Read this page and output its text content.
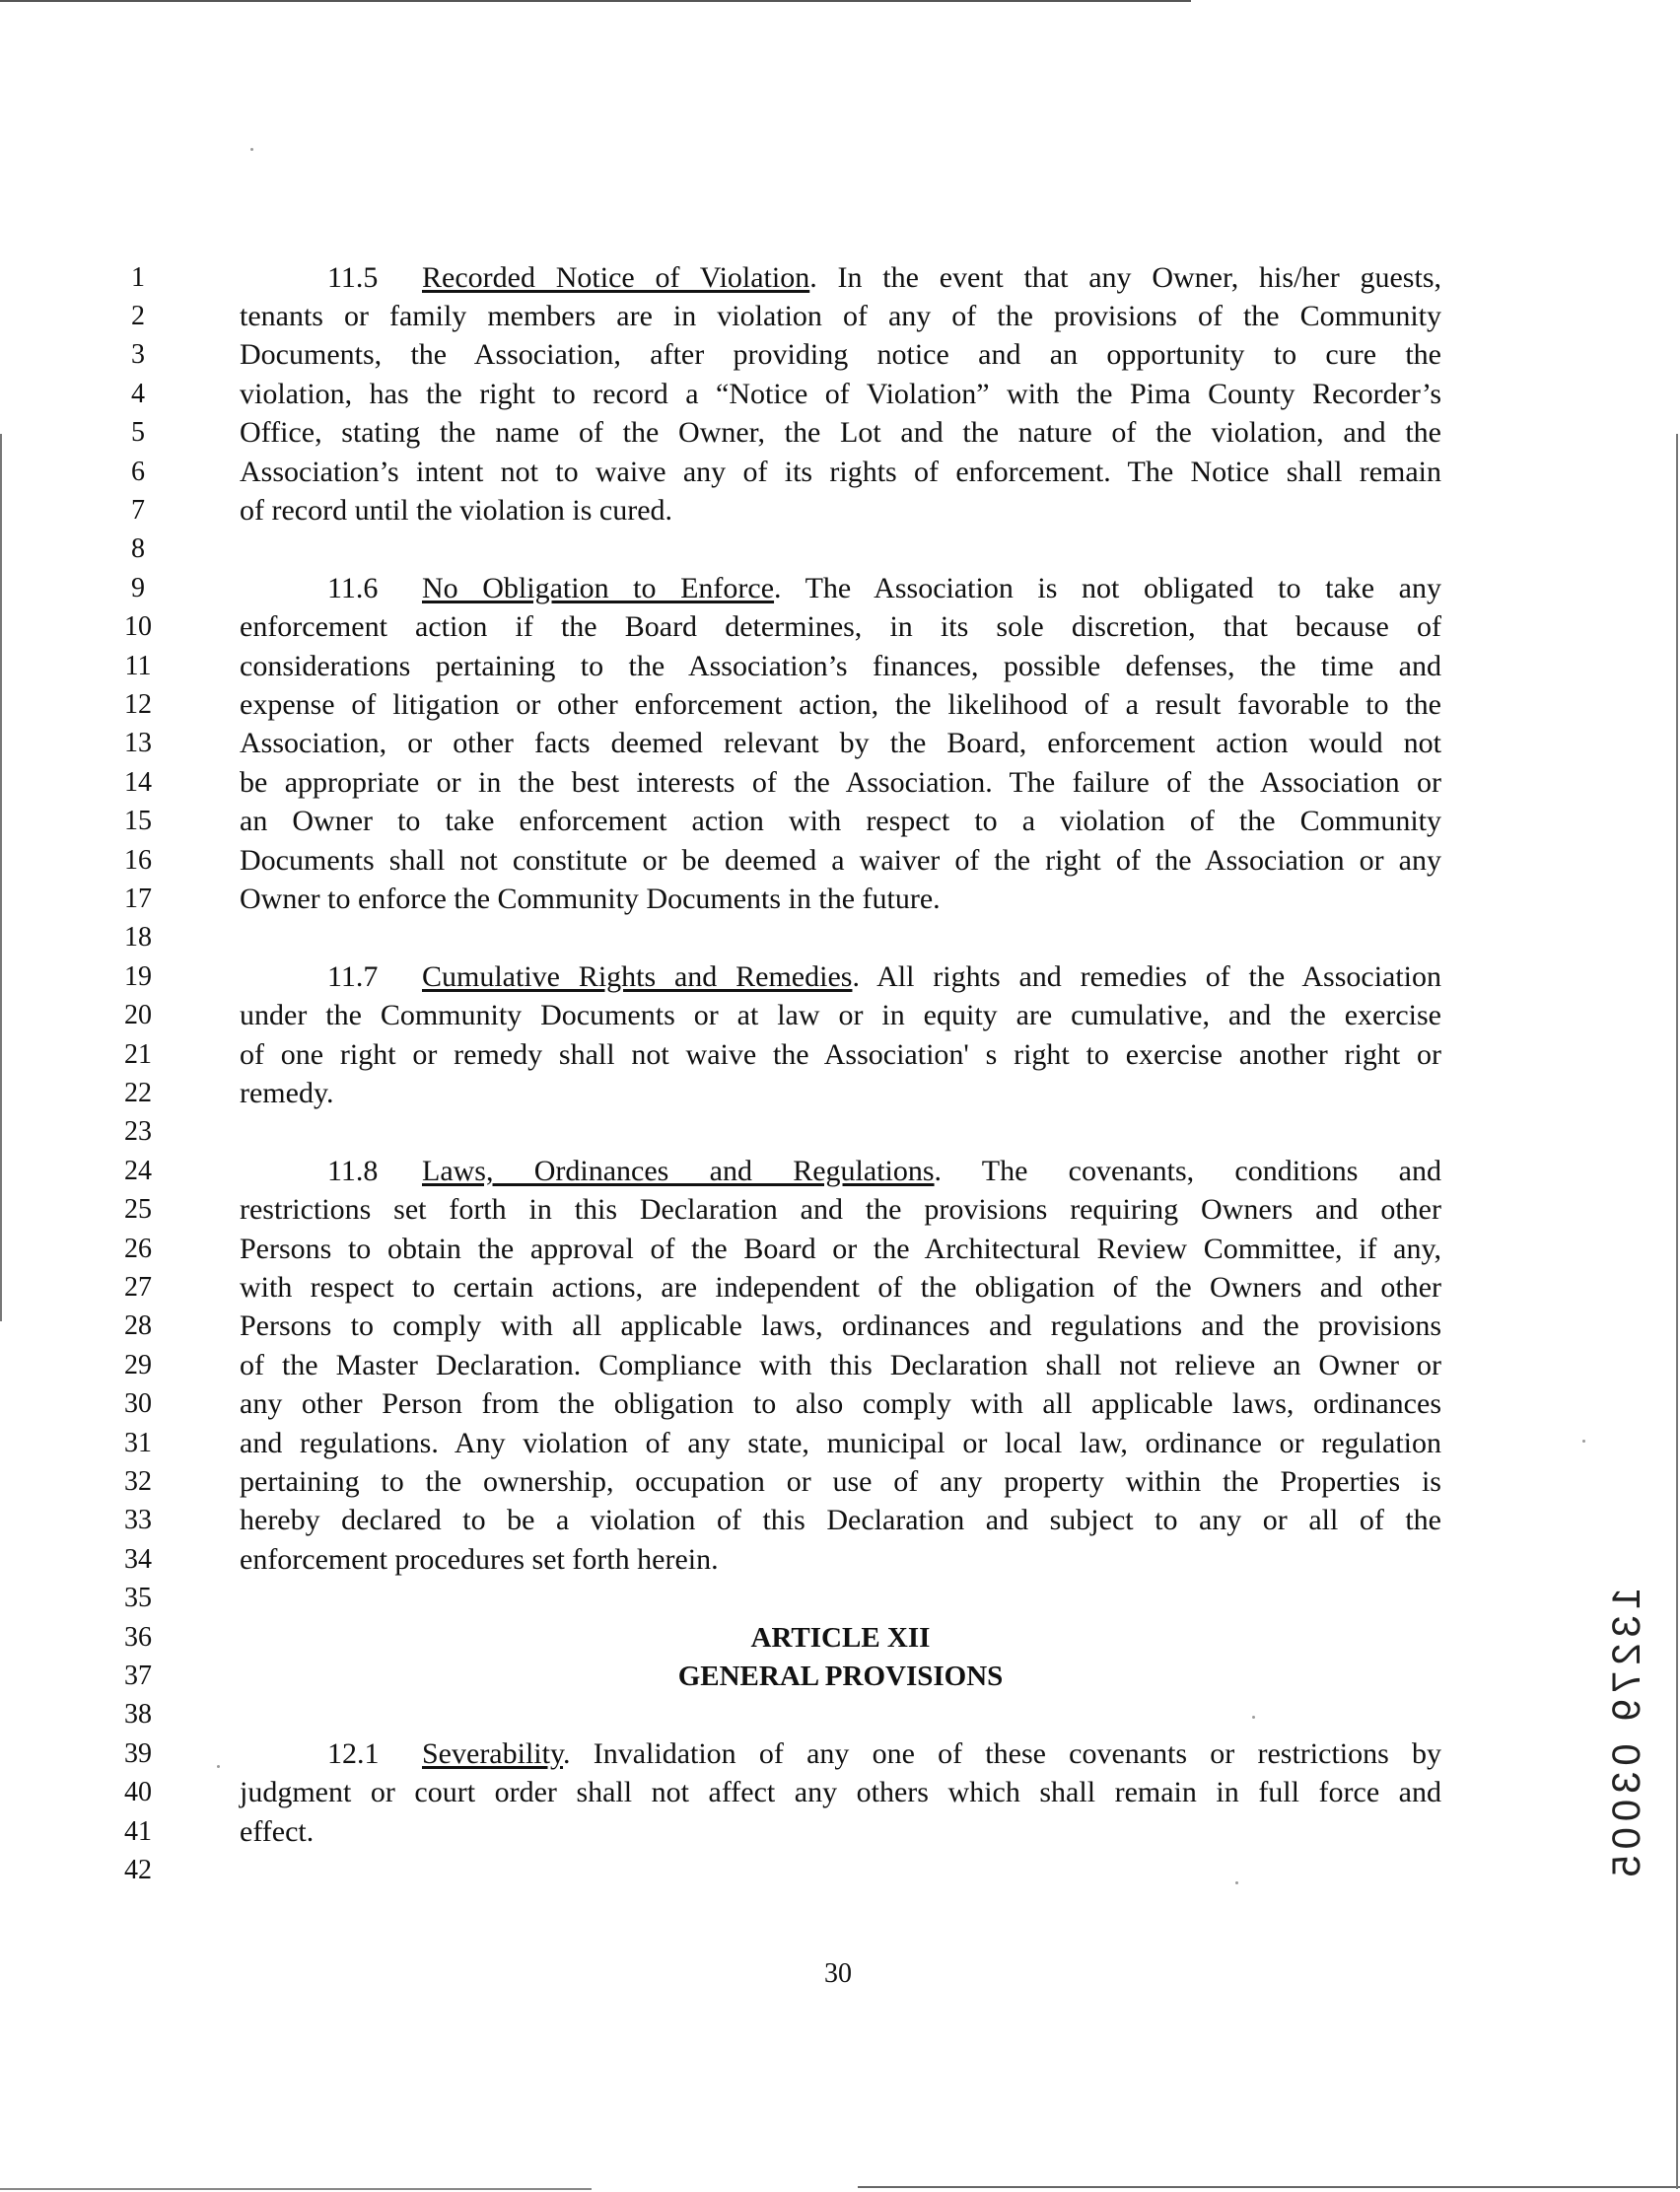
1
2
3
4
5
6
7
8
9
10
11
12
13
14
15
16
17
18
19
20
21
22
23
24
25
26
27
28
29
30
31
32
33
34
35
36
37
38
39
40
41
42
11.5 Recorded Notice of Violation. In the event that any Owner, his/her guests,
tenants or family members are in violation of any of the provisions of the Community
Documents, the Association, after providing notice and an opportunity to cure the
violation, has the right to record a “Notice of Violation” with the Pima County Recorder’s
Office, stating the name of the Owner, the Lot and the nature of the violation, and the
Association’s intent not to waive any of its rights of enforcement. The Notice shall remain
of record until the violation is cured.
11.6 No Obligation to Enforce. The Association is not obligated to take any
enforcement action if the Board determines, in its sole discretion, that because of
considerations pertaining to the Association’s finances, possible defenses, the time and
expense of litigation or other enforcement action, the likelihood of a result favorable to the
Association, or other facts deemed relevant by the Board, enforcement action would not
be appropriate or in the best interests of the Association. The failure of the Association or
an Owner to take enforcement action with respect to a violation of the Community
Documents shall not constitute or be deemed a waiver of the right of the Association or any
Owner to enforce the Community Documents in the future.
11.7 Cumulative Rights and Remedies. All rights and remedies of the Association
under the Community Documents or at law or in equity are cumulative, and the exercise
of one right or remedy shall not waive the Association' s right to exercise another right or
remedy.
11.8 Laws, Ordinances and Regulations. The covenants, conditions and
restrictions set forth in this Declaration and the provisions requiring Owners and other
Persons to obtain the approval of the Board or the Architectural Review Committee, if any,
with respect to certain actions, are independent of the obligation of the Owners and other
Persons to comply with all applicable laws, ordinances and regulations and the provisions
of the Master Declaration. Compliance with this Declaration shall not relieve an Owner or
any other Person from the obligation to also comply with all applicable laws, ordinances
and regulations. Any violation of any state, municipal or local law, ordinance or regulation
pertaining to the ownership, occupation or use of any property within the Properties is
hereby declared to be a violation of this Declaration and subject to any or all of the
enforcement procedures set forth herein.
ARTICLE XII
GENERAL PROVISIONS
12.1 Severability. Invalidation of any one of these covenants or restrictions by
judgment or court order shall not affect any others which shall remain in full force and
effect.
30
13279 03005
